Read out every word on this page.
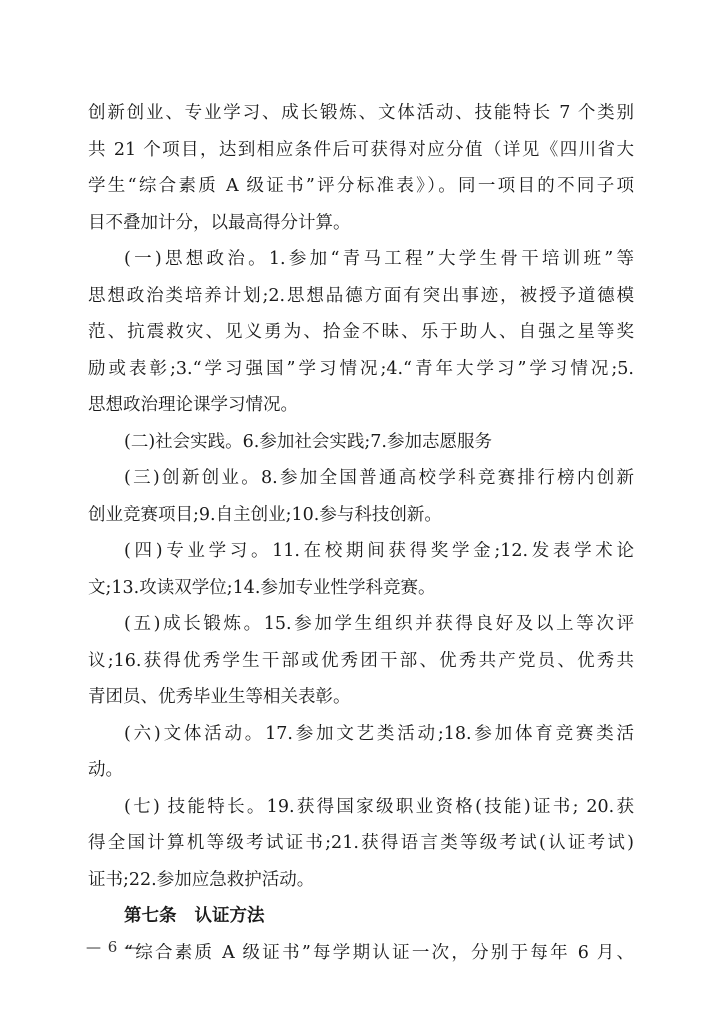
创新创业、专业学习、成长锻炼、文体活动、技能特长 7 个类别
共 21 个项目，达到相应条件后可获得对应分值（详见《四川省大
学生“综合素质 A 级证书”评分标准表》）。同一项目的不同子项
目不叠加计分，以最高得分计算。
(一)思想政治。1.参加“青马工程”大学生骨干培训班”等
思想政治类培养计划;2.思想品德方面有突出事迹，被授予道德模
范、抗震救灾、见义勇为、拾金不昧、乐于助人、自强之星等奖
励或表彰;3.“学习强国”学习情况;4.“青年大学习”学习情况;5.
思想政治理论课学习情况。
(二)社会实践。6.参加社会实践;7.参加志愿服务
(三)创新创业。8.参加全国普通高校学科竞赛排行榜内创新
创业竞赛项目;9.自主创业;10.参与科技创新。
(四)专业学习。11.在校期间获得奖学金;12.发表学术论
文;13.攻读双学位;14.参加专业性学科竞赛。
(五)成长锻炼。15.参加学生组织并获得良好及以上等次评
议;16.获得优秀学生干部或优秀团干部、优秀共产党员、优秀共
青团员、优秀毕业生等相关表彰。
(六)文体活动。17.参加文艺类活动;18.参加体育竞赛类活
动。
(七) 技能特长。19.获得国家级职业资格(技能)证书; 20.获
得全国计算机等级考试证书;21.获得语言类等级考试(认证考试)
证书;22.参加应急救护活动。
第七条 认证方法
“综合素质 A 级证书”每学期认证一次，分别于每年 6 月、
— 6 —
